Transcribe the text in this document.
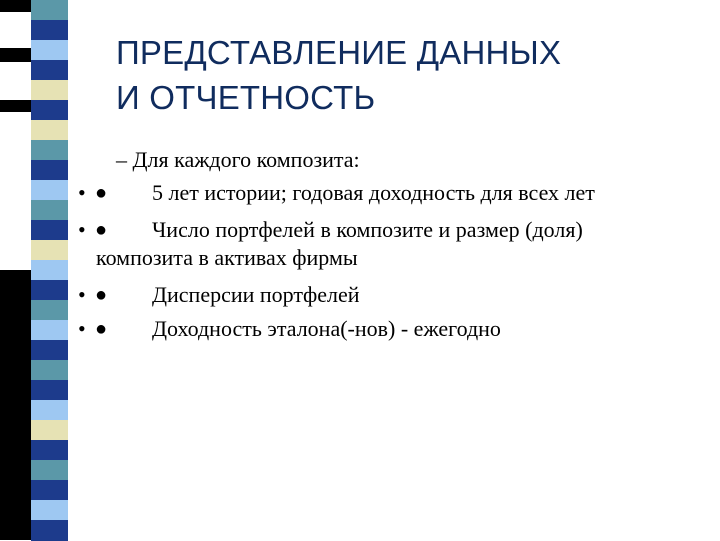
ПРЕДСТАВЛЕНИЕ ДАННЫХ
И ОТЧЕТНОСТЬ
– Для каждого композита:
• ● 5 лет истории; годовая доходность для всех лет
• ● Число портфелей в композите и размер (доля)
композита в активах фирмы
• ● Дисперсии портфелей
• ● Доходность эталона(-нов) - ежегодно
